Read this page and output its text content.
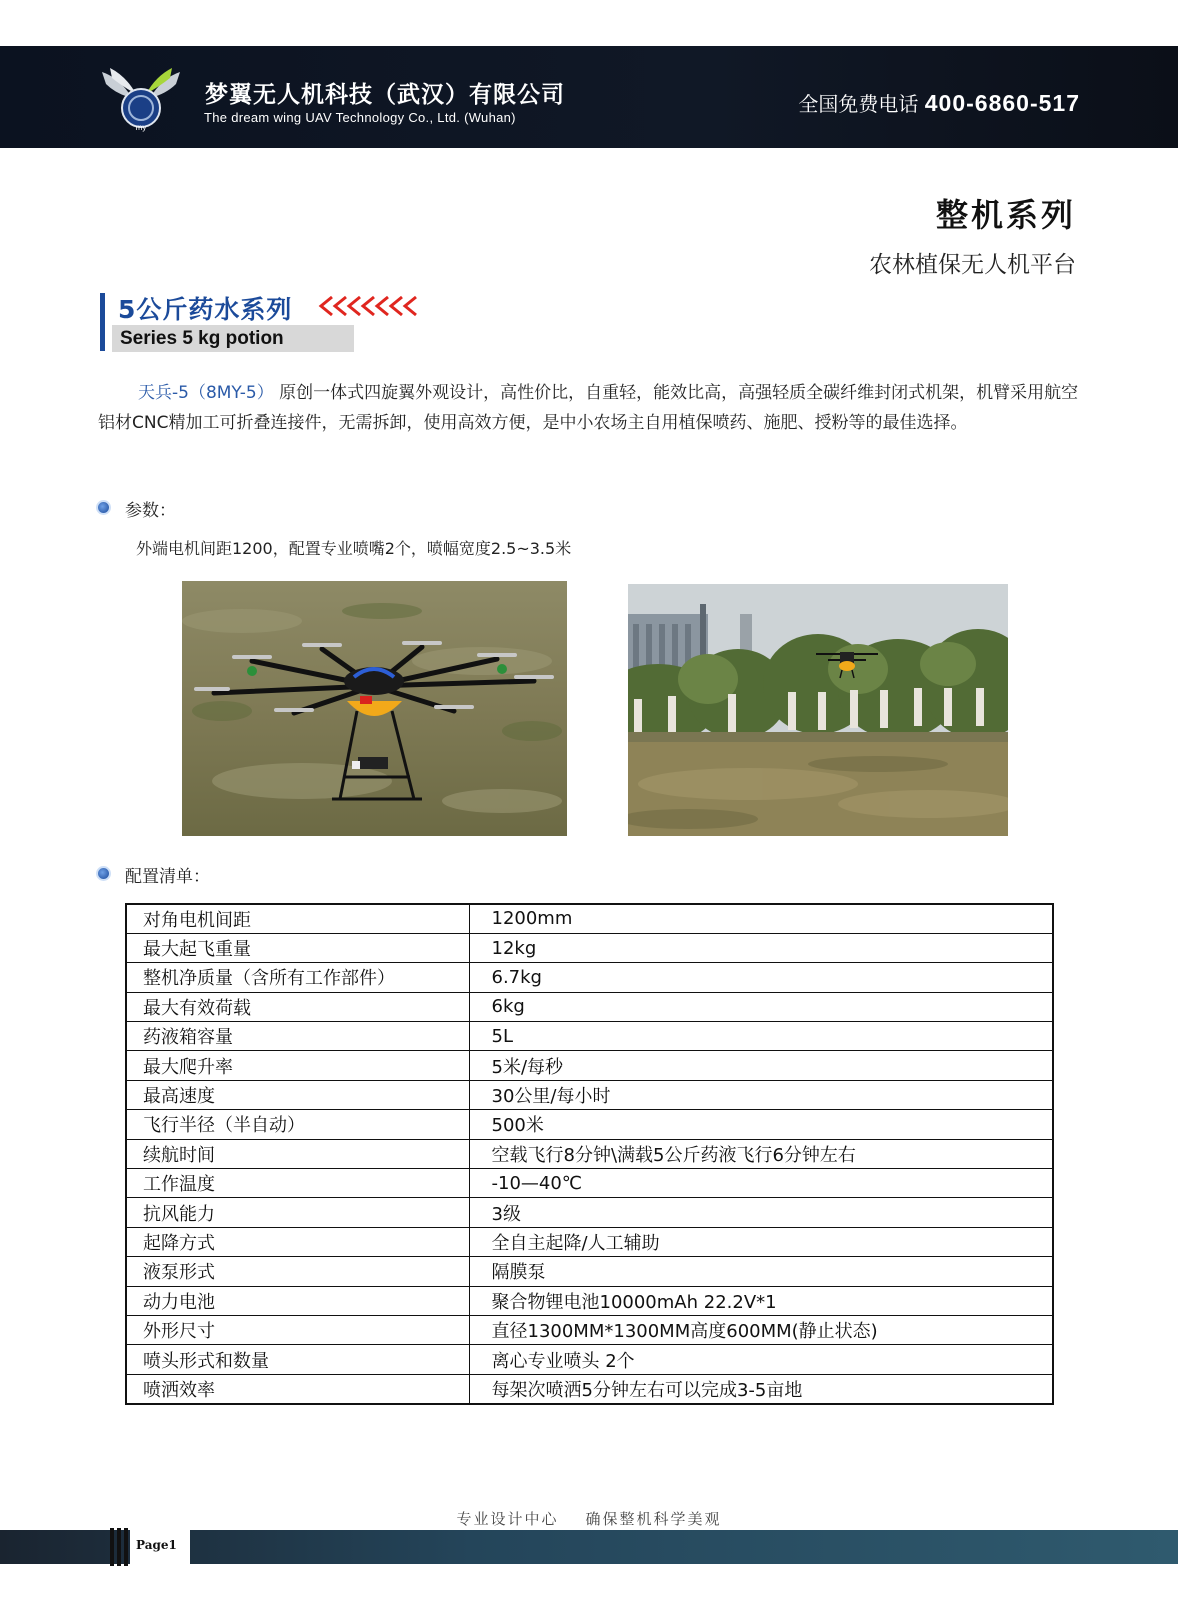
my
梦翼无人机科技（武汉）有限公司
The dream wing UAV Technology Co., Ltd. (Wuhan)
全国免费电话 400-6860-517
整机系列
农林植保无人机平台
5公斤药水系列
Series 5 kg potion

天兵-5（8MY-5） 原创一体式四旋翼外观设计，高性价比，自重轻，能效比高，高强轻质全碳纤维封闭式机架，机臂采用航空铝材CNC精加工可折叠连接件，无需拆卸，使用高效方便，是中小农场主自用植保喷药、施肥、授粉等的最佳选择。

参数：
外端电机间距1200，配置专业喷嘴2个，喷幅宽度2.5~3.5米
配置清单：
对角电机间距	1200mm
最大起飞重量	12kg
整机净质量（含所有工作部件）	6.7kg
最大有效荷载	6kg
药液箱容量	5L
最大爬升率	5米/每秒
最高速度	30公里/每小时
飞行半径（半自动）	500米
续航时间	空载飞行8分钟\满载5公斤药液飞行6分钟左右
工作温度	-10—40℃
抗风能力	3级
起降方式	全自主起降/人工辅助
液泵形式	隔膜泵
动力电池	聚合物锂电池10000mAh 22.2V*1
外形尺寸	直径1300MM*1300MM高度600MM(静止状态)
喷头形式和数量	离心专业喷头 2个
喷洒效率	每架次喷洒5分钟左右可以完成3-5亩地
专业设计中心    确保整机科学美观
Page1
